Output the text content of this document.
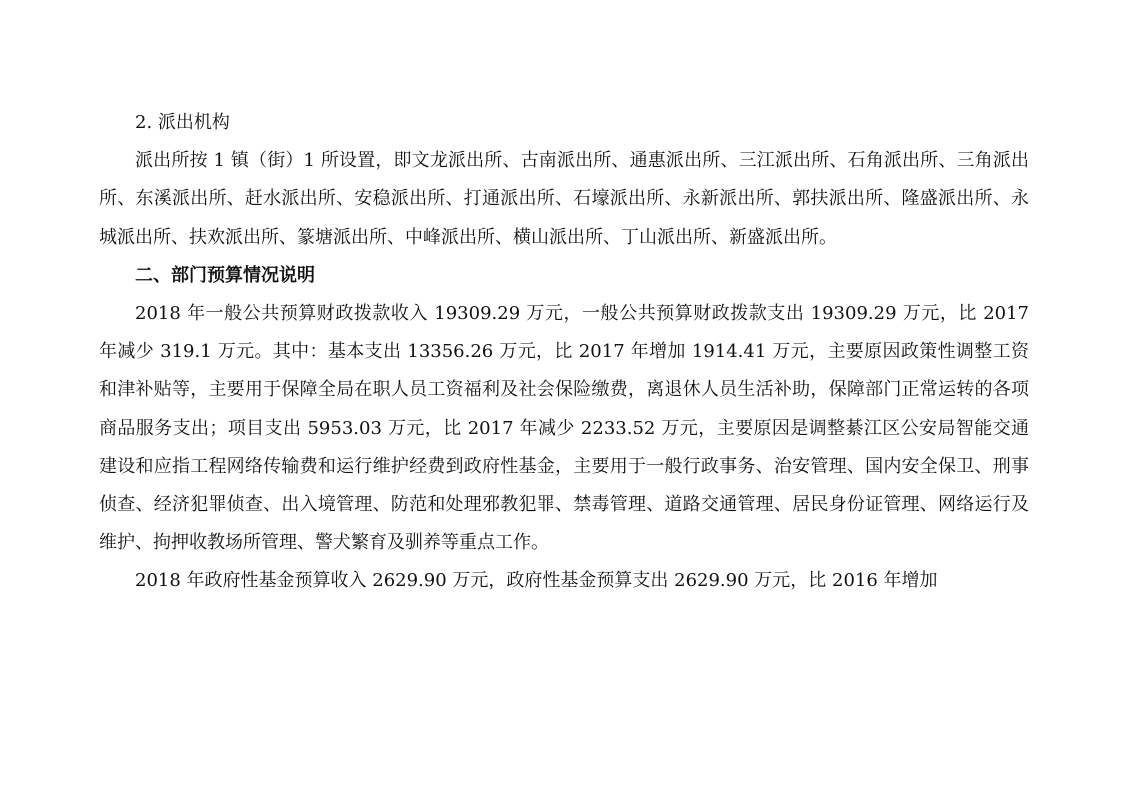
2. 派出机构

派出所按 1 镇（街）1 所设置，即文龙派出所、古南派出所、通惠派出所、三江派出所、石角派出所、三角派出所、东溪派出所、赶水派出所、安稳派出所、打通派出所、石壕派出所、永新派出所、郭扶派出所、隆盛派出所、永城派出所、扶欢派出所、篆塘派出所、中峰派出所、横山派出所、丁山派出所、新盛派出所。

二、部门预算情况说明

2018 年一般公共预算财政拨款收入 19309.29 万元，一般公共预算财政拨款支出 19309.29 万元，比 2017 年减少 319.1 万元。其中：基本支出 13356.26 万元，比 2017 年增加 1914.41 万元，主要原因政策性调整工资和津补贴等，主要用于保障全局在职人员工资福利及社会保险缴费，离退休人员生活补助，保障部门正常运转的各项商品服务支出；项目支出 5953.03 万元，比 2017 年减少 2233.52 万元，主要原因是调整綦江区公安局智能交通建设和应指工程网络传输费和运行维护经费到政府性基金，主要用于一般行政事务、治安管理、国内安全保卫、刑事侦查、经济犯罪侦查、出入境管理、防范和处理邪教犯罪、禁毒管理、道路交通管理、居民身份证管理、网络运行及维护、拘押收教场所管理、警犬繁育及驯养等重点工作。

2018 年政府性基金预算收入 2629.90 万元，政府性基金预算支出 2629.90 万元，比 2016 年增加
